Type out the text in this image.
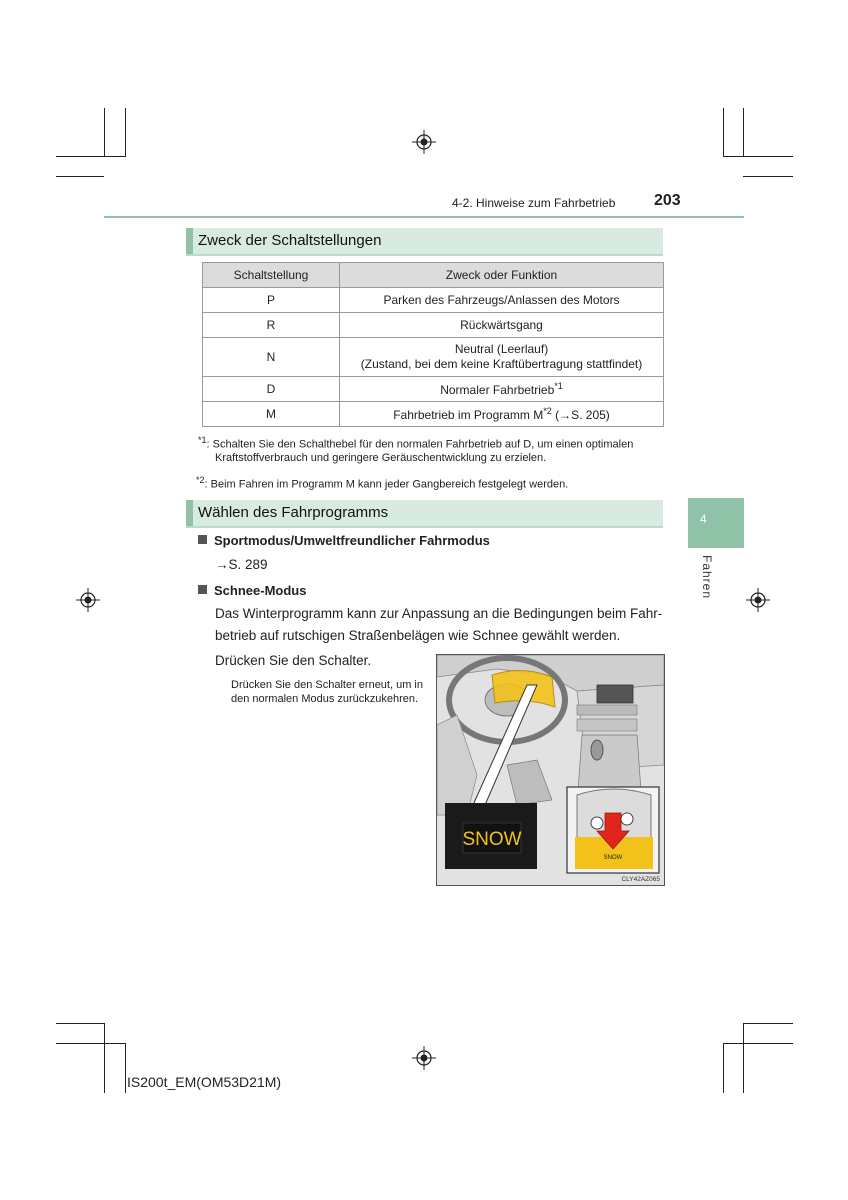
4-2. Hinweise zum Fahrbetrieb 203
Zweck der Schaltstellungen
Schaltstellung	Zweck oder Funktion
P	Parken des Fahrzeugs/Anlassen des Motors
R	Rückwärtsgang
N	Neutral (Leerlauf)
(Zustand, bei dem keine Kraftübertragung stattfindet)
D	Normaler Fahrbetrieb$^{*1}$
M	Fahrbetrieb im Programm $M^{*2}$ (→S. 205)
$^{*1}$: Schalten Sie den Schalthebel für den normalen Fahrbetrieb auf D, um einen optimalen
Kraftstoffverbrauch und geringere Geräuschentwicklung zu erzielen.
$^{*2}$: Beim Fahren im Programm M kann jeder Gangbereich festgelegt werden.
Wählen des Fahrprogramms	4
Fahren
Sportmodus/Umweltfreundlicher Fahrmodus
→S. 289
Schnee-Modus
Das Winterprogramm kann zur Anpassung an die Bedingungen beim Fahr-
betrieb auf rutschigen Straßenbelägen wie Schnee gewählt werden.
Drücken Sie den Schalter.
Drücken Sie den Schalter erneut, um in
den normalen Modus zurückzukehren.
SNOW
SNOW
CLY42AZ065
IS200t_EM(OM53D21M)
